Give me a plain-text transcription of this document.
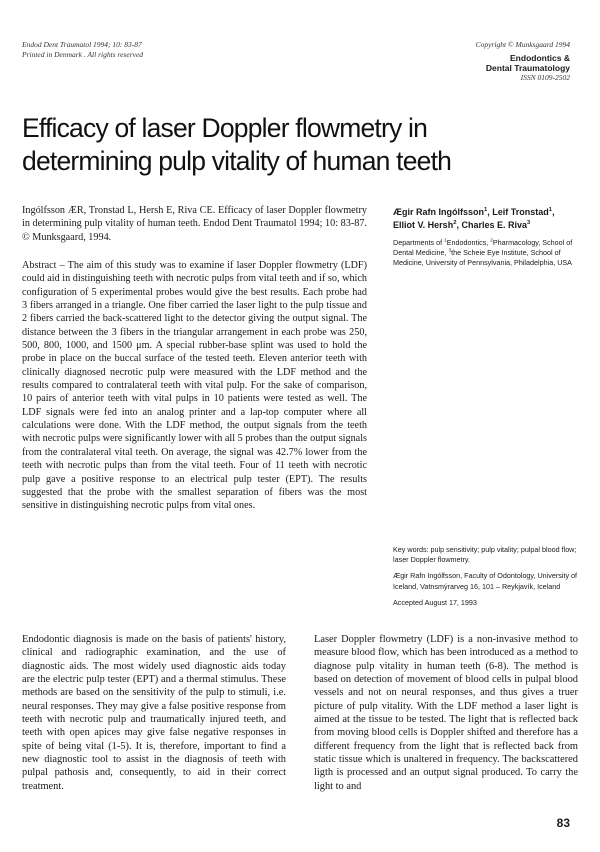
Endod Dent Traumatol 1994; 10: 83-87
Printed in Denmark . All rights reserved
Copyright © Munksgaard 1994
Endodontics &
Dental Traumatology
ISSN 0109-2502
Efficacy of laser Doppler flowmetry in
determining pulp vitality of human teeth

Ingólfsson ÆR, Tronstad L, Hersh E, Riva CE. Efficacy of laser Doppler flowmetry in determining pulp vitality of human teeth. Endod Dent Traumatol 1994; 10: 83-87. © Munksgaard, 1994.

Ægir Rafn Ingólfsson$^1$, Leif Tronstad$^1$,
Elliot V. Hersh$^2$, Charles E. Riva$^3$
Departments of $^1$Endodontics, $^2$Pharmacology, School of Dental Medicine, $^3$the Scheie Eye Institute, School of Medicine, University of Pennsylvania, Philadelphia, USA

Abstract – The aim of this study was to examine if laser Doppler flowmetry (LDF) could aid in distinguishing teeth with necrotic pulps from vital teeth and if so, which configuration of 5 experimental probes would give the best results. Each probe had 3 fibers arranged in a triangle. One fiber carried the laser light to the pulp tissue and 2 fibers carried the back-scattered light to the detector giving the output signal. The distance between the 3 fibers in the triangular arrangement in each probe was 250, 500, 800, 1000, and 1500 μm. A special rubber-base splint was used to hold the probe in place on the buccal surface of the tested teeth. Eleven anterior teeth with clinically diagnosed necrotic pulp were measured with the LDF method and the results compared to contralateral teeth with vital pulp. For the sake of comparison, 10 pairs of anterior teeth with vital pulps in 10 patients were tested as well. The LDF signals were fed into an analog printer and a lap-top computer where all calculations were done. With the LDF method, the output signals from the teeth with necrotic pulps were significantly lower with all 5 probes than the output signals from the contralateral vital teeth. On average, the signal was 42.7% lower from the teeth with necrotic pulps than from the vital teeth. Four of 11 teeth with necrotic pulp gave a positive response to an electrical pulp tester (EPT). The results suggested that the probe with the smallest separation of fibers was the most sensitive in distinguishing necrotic pulps from vital ones.

Key words: pulp sensitivity; pulp vitality; pulpal blood flow; laser Doppler flowmetry.

Ægir Rafn Ingólfsson, Faculty of Odontology, University of Iceland, Vatnsmýrarveg 16, 101 – Reykjavík, Iceland

Accepted August 17, 1993

Endodontic diagnosis is made on the basis of patients' history, clinical and radiographic examination, and the use of diagnostic aids. The most widely used diagnostic aids today are the electric pulp tester (EPT) and a thermal stimulus. These methods are based on the sensitivity of the pulp to stimuli, i.e. neural responses. They may give a false positive response from teeth with necrotic pulp and traumatically injured teeth, and teeth with open apices may give false negative responses in spite of being vital (1-5). It is, therefore, important to find a new diagnostic tool to assist in the diagnosis of teeth with pulpal pathosis and, consequently, to aid in their correct treatment.

Laser Doppler flowmetry (LDF) is a non-invasive method to measure blood flow, which has been introduced as a method to diagnose pulp vitality in human teeth (6-8). The method is based on detection of movement of blood cells in pulpal blood vessels and not on neural responses, and thus gives a truer picture of pulp vitality. With the LDF method a laser light is aimed at the tissue to be tested. The light that is reflected back from moving blood cells is Doppler shifted and therefore has a different frequency from the light that is reflected back from static tissue which is unaltered in frequency. The backscattered ligth is processed and an output signal produced. To carry the light to and

83
